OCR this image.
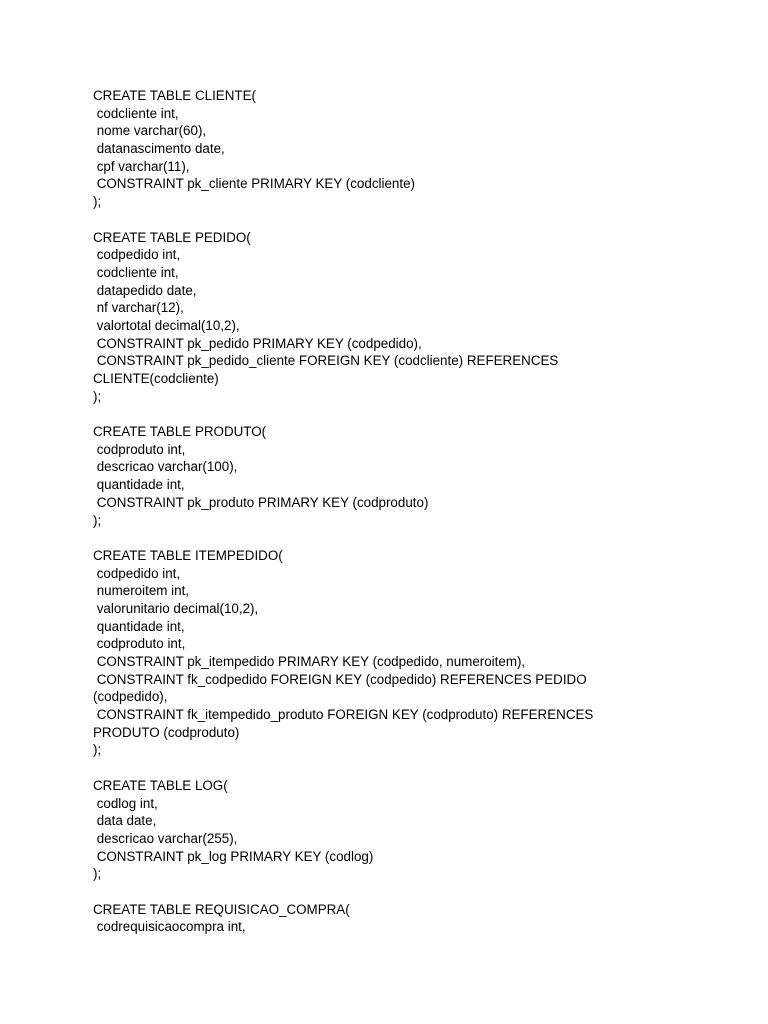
CREATE TABLE CLIENTE(
codcliente int,
nome varchar(60),
datanascimento date,
cpf varchar(11),
CONSTRAINT pk_cliente PRIMARY KEY (codcliente)
);
CREATE TABLE PEDIDO(
codpedido int,
codcliente int,
datapedido date,
nf varchar(12),
valortotal decimal(10,2),
CONSTRAINT pk_pedido PRIMARY KEY (codpedido),
CONSTRAINT pk_pedido_cliente FOREIGN KEY (codcliente) REFERENCES
CLIENTE(codcliente)
);
CREATE TABLE PRODUTO(
codproduto int,
descricao varchar(100),
quantidade int,
CONSTRAINT pk_produto PRIMARY KEY (codproduto)
);
CREATE TABLE ITEMPEDIDO(
codpedido int,
numeroitem int,
valorunitario decimal(10,2),
quantidade int,
codproduto int,
CONSTRAINT pk_itempedido PRIMARY KEY (codpedido, numeroitem),
CONSTRAINT fk_codpedido FOREIGN KEY (codpedido) REFERENCES PEDIDO
(codpedido),
CONSTRAINT fk_itempedido_produto FOREIGN KEY (codproduto) REFERENCES
PRODUTO (codproduto)
);
CREATE TABLE LOG(
codlog int,
data date,
descricao varchar(255),
CONSTRAINT pk_log PRIMARY KEY (codlog)
);
CREATE TABLE REQUISICAO_COMPRA(
codrequisicaocompra int,
